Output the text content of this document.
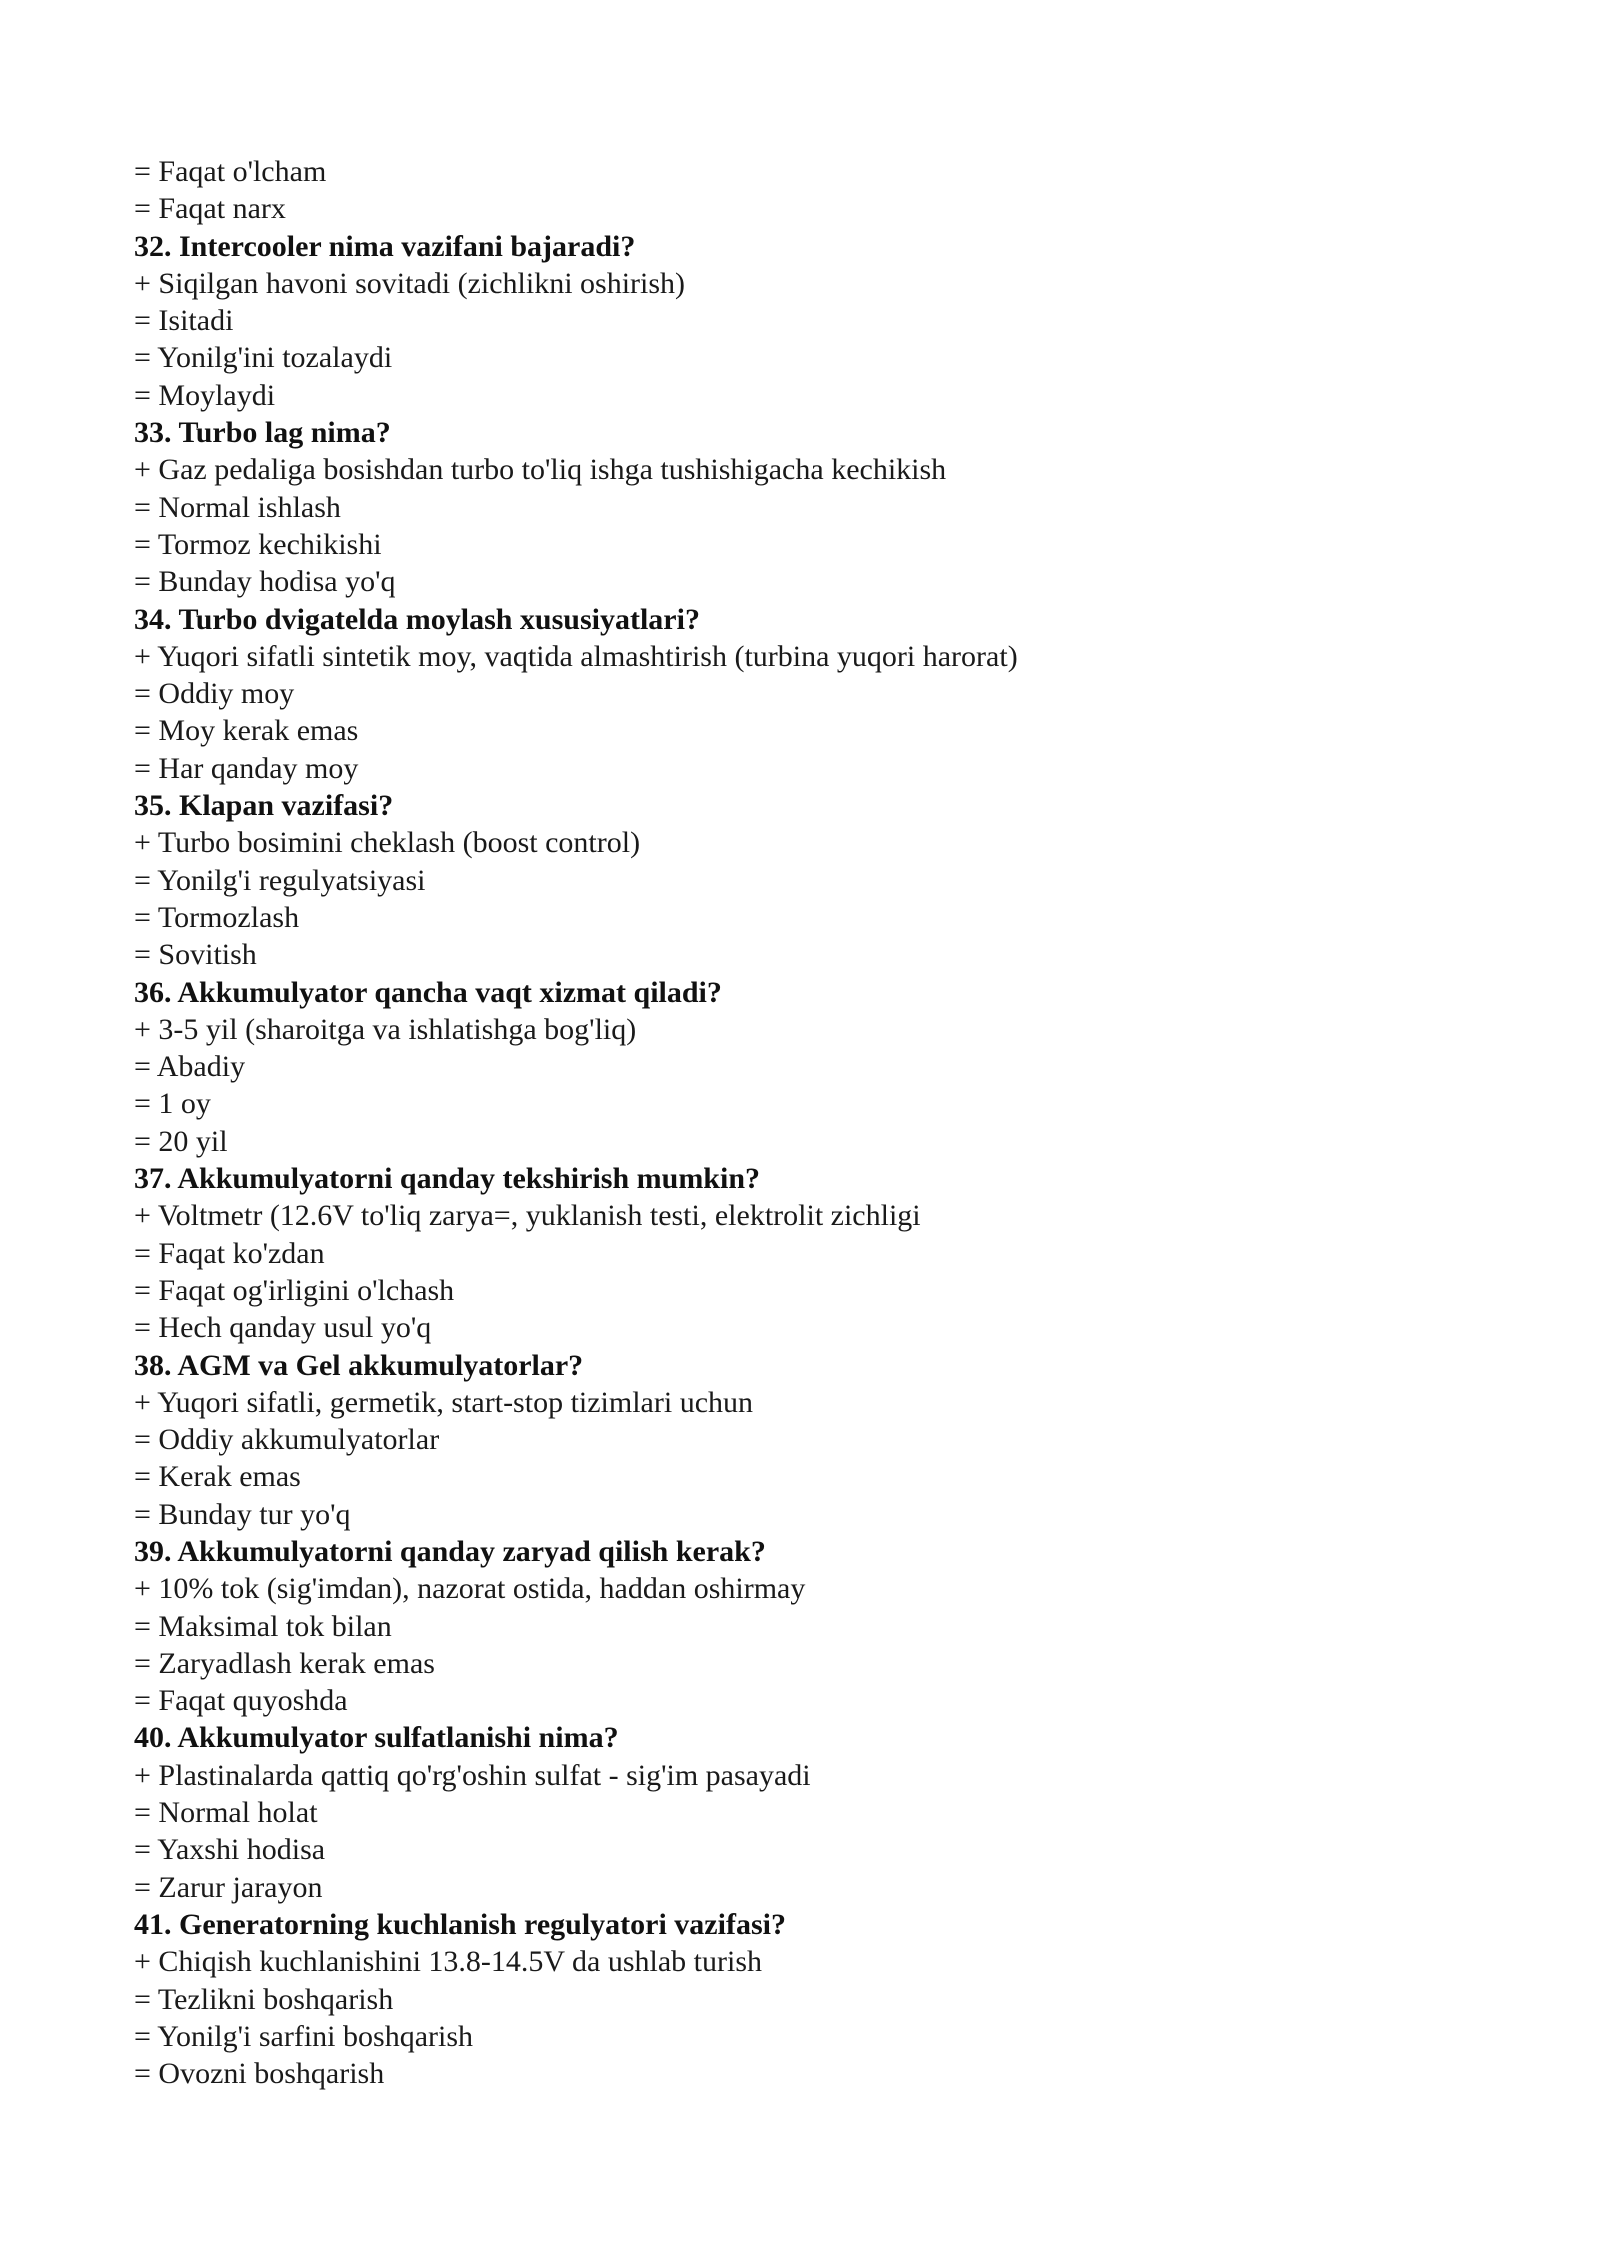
= Faqat o'lcham
= Faqat narx
32. Intercooler nima vazifani bajaradi?
+ Siqilgan havoni sovitadi (zichlikni oshirish)
= Isitadi
= Yonilg'ini tozalaydi
= Moylaydi
33. Turbo lag nima?
+ Gaz pedaliga bosishdan turbo to'liq ishga tushishigacha kechikish
= Normal ishlash
= Tormoz kechikishi
= Bunday hodisa yo'q
34. Turbo dvigatelda moylash xususiyatlari?
+ Yuqori sifatli sintetik moy, vaqtida almashtirish (turbina yuqori harorat)
= Oddiy moy
= Moy kerak emas
= Har qanday moy
35. Klapan vazifasi?
+ Turbo bosimini cheklash (boost control)
= Yonilg'i regulyatsiyasi
= Tormozlash
= Sovitish
36. Akkumulyator qancha vaqt xizmat qiladi?
+ 3-5 yil (sharoitga va ishlatishga bog'liq)
= Abadiy
= 1 oy
= 20 yil
37. Akkumulyatorni qanday tekshirish mumkin?
+ Voltmetr (12.6V to'liq zarya=, yuklanish testi, elektrolit zichligi
= Faqat ko'zdan
= Faqat og'irligini o'lchash
= Hech qanday usul yo'q
38. AGM va Gel akkumulyatorlar?
+ Yuqori sifatli, germetik, start-stop tizimlari uchun
= Oddiy akkumulyatorlar
= Kerak emas
= Bunday tur yo'q
39. Akkumulyatorni qanday zaryad qilish kerak?
+ 10% tok (sig'imdan), nazorat ostida, haddan oshirmay
= Maksimal tok bilan
= Zaryadlash kerak emas
= Faqat quyoshda
40. Akkumulyator sulfatlanishi nima?
+ Plastinalarda qattiq qo'rg'oshin sulfat - sig'im pasayadi
= Normal holat
= Yaxshi hodisa
= Zarur jarayon
41. Generatorning kuchlanish regulyatori vazifasi?
+ Chiqish kuchlanishini 13.8-14.5V da ushlab turish
= Tezlikni boshqarish
= Yonilg'i sarfini boshqarish
= Ovozni boshqarish
